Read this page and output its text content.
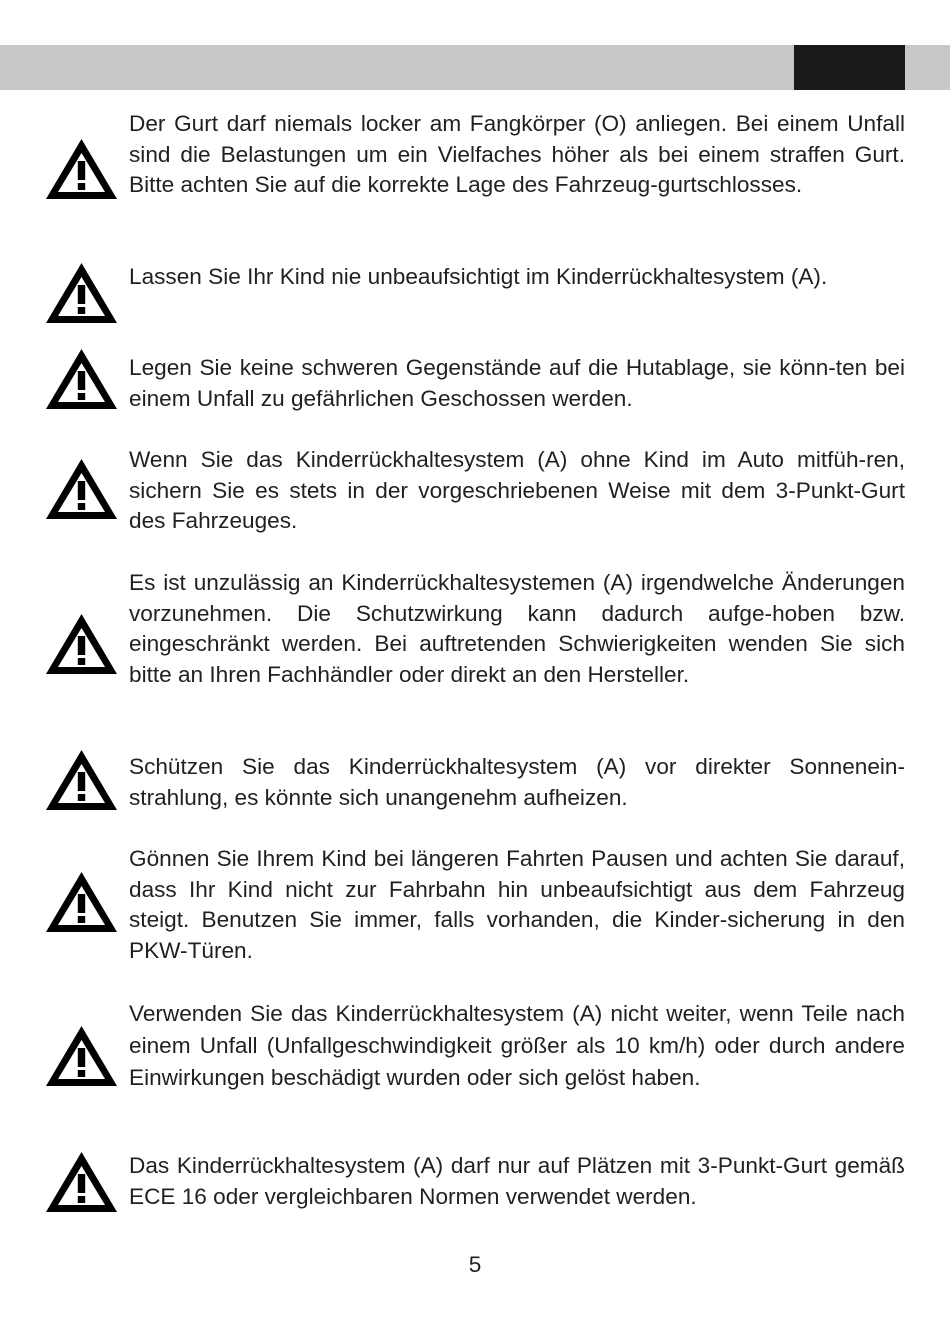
Der Gurt darf niemals locker am Fangkörper (O) anliegen. Bei einem Unfall sind die Belastungen um ein Vielfaches höher als bei einem straffen Gurt. Bitte achten Sie auf die korrekte Lage des Fahrzeug-gurtschlosses.

Lassen Sie Ihr Kind nie unbeaufsichtigt im Kinderrückhaltesystem (A).

Legen Sie keine schweren Gegenstände auf die Hutablage, sie könn-ten bei einem Unfall zu gefährlichen Geschossen werden.

Wenn Sie das Kinderrückhaltesystem (A) ohne Kind im Auto mitfüh-ren, sichern Sie es stets in der vorgeschriebenen Weise mit dem 3-Punkt-Gurt des Fahrzeuges.

Es ist unzulässig an Kinderrückhaltesystemen (A) irgendwelche Änderungen vorzunehmen. Die Schutzwirkung kann dadurch aufge-hoben bzw. eingeschränkt werden. Bei auftretenden Schwierigkeiten wenden Sie sich bitte an Ihren Fachhändler oder direkt an den Hersteller.

Schützen Sie das Kinderrückhaltesystem (A) vor direkter Sonnenein-strahlung, es könnte sich unangenehm aufheizen.

Gönnen Sie Ihrem Kind bei längeren Fahrten Pausen und achten Sie darauf, dass Ihr Kind nicht zur Fahrbahn hin unbeaufsichtigt aus dem Fahrzeug steigt. Benutzen Sie immer, falls vorhanden, die Kinder-sicherung in den PKW-Türen.

Verwenden Sie das Kinderrückhaltesystem (A) nicht weiter, wenn Teile nach einem Unfall (Unfallgeschwindigkeit größer als 10 km/h) oder durch andere Einwirkungen beschädigt wurden oder sich gelöst haben.

Das Kinderrückhaltesystem (A) darf nur auf Plätzen mit 3-Punkt-Gurt gemäß ECE 16 oder vergleichbaren Normen verwendet werden.

5
